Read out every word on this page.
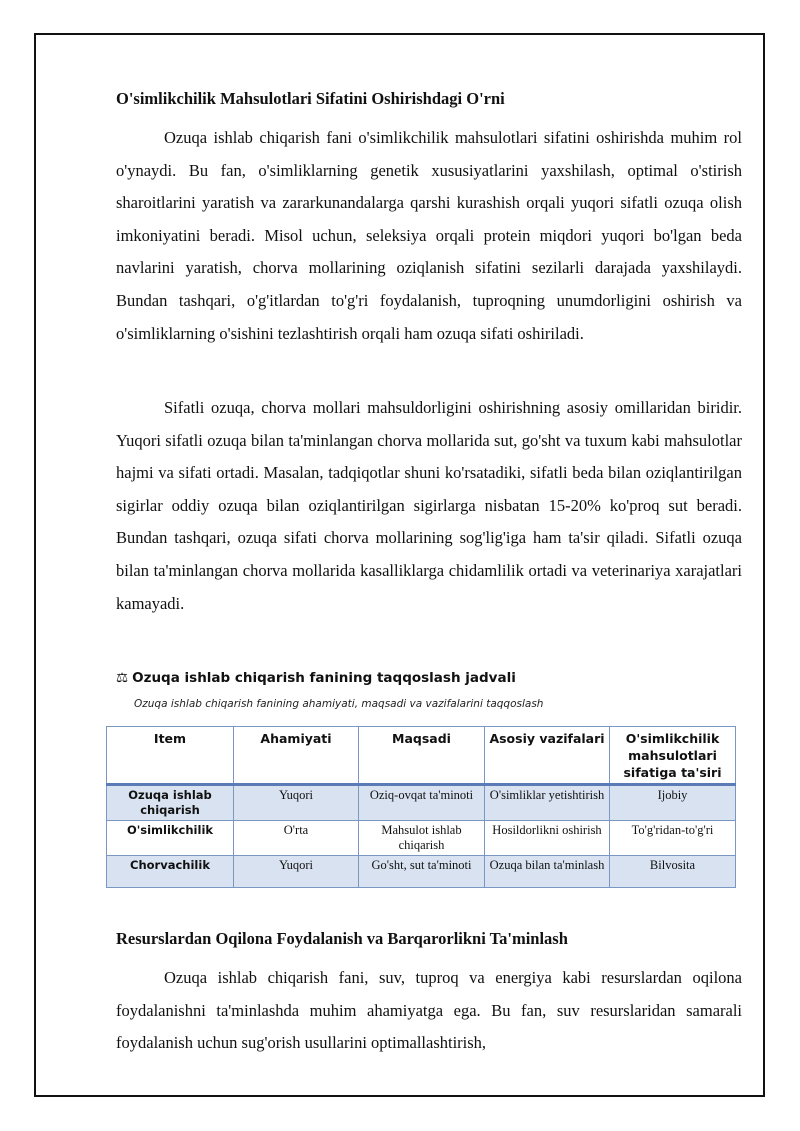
O'simlikchilik Mahsulotlari Sifatini Oshirishdagi O'rni

Ozuqa ishlab chiqarish fani o'simlikchilik mahsulotlari sifatini oshirishda muhim rol o'ynaydi. Bu fan, o'simliklarning genetik xususiyatlarini yaxshilash, optimal o'stirish sharoitlarini yaratish va zararkunandalarga qarshi kurashish orqali yuqori sifatli ozuqa olish imkoniyatini beradi. Misol uchun, seleksiya orqali protein miqdori yuqori bo'lgan beda navlarini yaratish, chorva mollarining oziqlanish sifatini sezilarli darajada yaxshilaydi. Bundan tashqari, o'g'itlardan to'g'ri foydalanish, tuproqning unumdorligini oshirish va o'simliklarning o'sishini tezlashtirish orqali ham ozuqa sifati oshiriladi.

Sifatli ozuqa, chorva mollari mahsuldorligini oshirishning asosiy omillaridan biridir. Yuqori sifatli ozuqa bilan ta'minlangan chorva mollarida sut, go'sht va tuxum kabi mahsulotlar hajmi va sifati ortadi. Masalan, tadqiqotlar shuni ko'rsatadiki, sifatli beda bilan oziqlantirilgan sigirlar oddiy ozuqa bilan oziqlantirilgan sigirlarga nisbatan 15-20% ko'proq sut beradi. Bundan tashqari, ozuqa sifati chorva mollarining sog'lig'iga ham ta'sir qiladi. Sifatli ozuqa bilan ta'minlangan chorva mollarida kasalliklarga chidamlilik ortadi va veterinariya xarajatlari kamayadi.

⚖ Ozuqa ishlab chiqarish fanining taqqoslash jadvali

Ozuqa ishlab chiqarish fanining ahamiyati, maqsadi va vazifalarini taqqoslash

Item	Ahamiyati	Maqsadi	Asosiy vazifalari	O'simlikchilik mahsulotlari sifatiga ta'siri
Ozuqa ishlab chiqarish	Yuqori	Oziq-ovqat ta'minoti	O'simliklar yetishtirish	Ijobiy
O'simlikchilik	O'rta	Mahsulot ishlab chiqarish	Hosildorlikni oshirish	To'g'ridan-to'g'ri
Chorvachilik	Yuqori	Go'sht, sut ta'minoti	Ozuqa bilan ta'minlash	Bilvosita
Resurslardan Oqilona Foydalanish va Barqarorlikni Ta'minlash

Ozuqa ishlab chiqarish fani, suv, tuproq va energiya kabi resurslardan oqilona foydalanishni ta'minlashda muhim ahamiyatga ega. Bu fan, suv resurslaridan samarali foydalanish uchun sug'orish usullarini optimallashtirish,
